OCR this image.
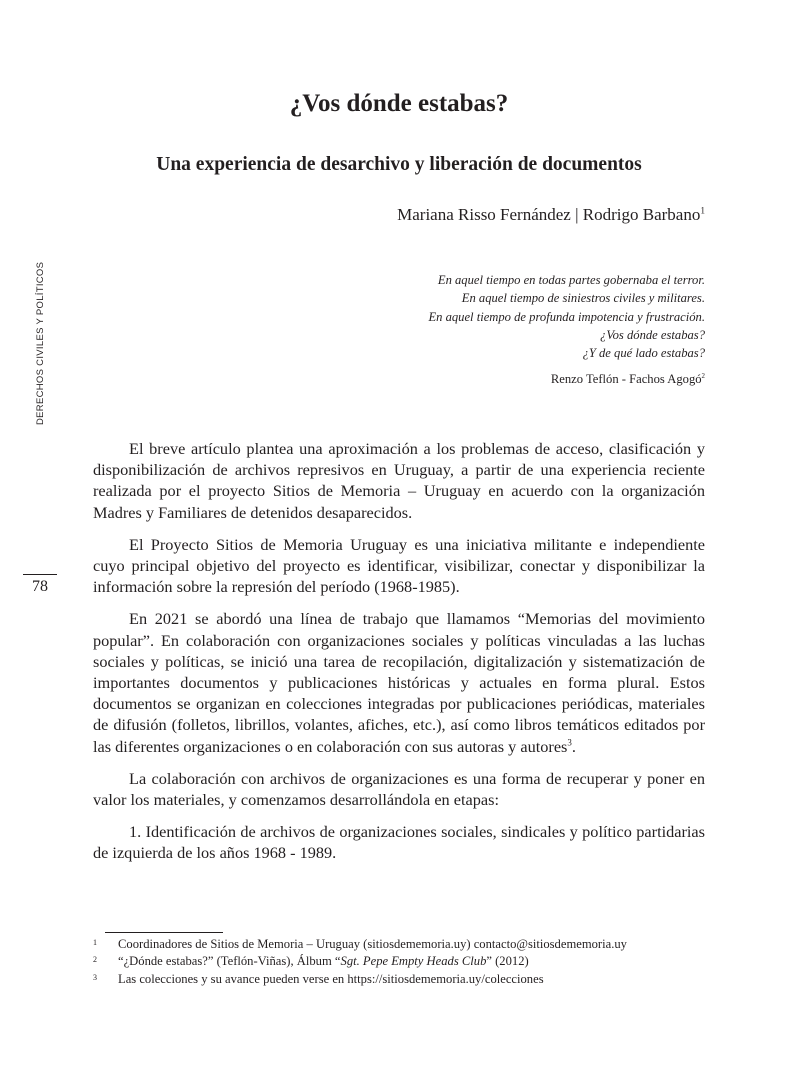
¿Vos dónde estabas?
Una experiencia de desarchivo y liberación de documentos
Mariana Risso Fernández | Rodrigo Barbano$^1$
En aquel tiempo en todas partes gobernaba el terror.
En aquel tiempo de siniestros civiles y militares.
En aquel tiempo de profunda impotencia y frustración.
¿Vos dónde estabas?
¿Y de qué lado estabas?
Renzo Teflón - Fachos Agogó$^2$
DERECHOS CIVILES Y POLÍTICOS
78

El breve artículo plantea una aproximación a los problemas de acceso, clasificación y disponibilización de archivos represivos en Uruguay, a partir de una experiencia reciente realizada por el proyecto Sitios de Memoria – Uruguay en acuerdo con la organización Madres y Familiares de detenidos desaparecidos.

El Proyecto Sitios de Memoria Uruguay es una iniciativa militante e independiente cuyo principal objetivo del proyecto es identificar, visibilizar, conectar y disponibilizar la información sobre la represión del período (1968-1985).

En 2021 se abordó una línea de trabajo que llamamos “Memorias del movimiento popular”. En colaboración con organizaciones sociales y políticas vinculadas a las luchas sociales y políticas, se inició una tarea de recopilación, digitalización y sistematización de importantes documentos y publicaciones históricas y actuales en forma plural. Estos documentos se organizan en colecciones integradas por publicaciones periódicas, materiales de difusión (folletos, librillos, volantes, afiches, etc.), así como libros temáticos editados por las diferentes organizaciones o en colaboración con sus autoras y autores$^3$.

La colaboración con archivos de organizaciones es una forma de recuperar y poner en valor los materiales, y comenzamos desarrollándola en etapas:

1. Identificación de archivos de organizaciones sociales, sindicales y político partidarias de izquierda de los años 1968 - 1989.

1	Coordinadores de Sitios de Memoria – Uruguay (sitiosdememoria.uy) contacto@sitiosdememoria.uy
2	“¿Dónde estabas?” (Teflón-Viñas), Álbum “Sgt. Pepe Empty Heads Club” (2012)
3	Las colecciones y su avance pueden verse en https://sitiosdememoria.uy/colecciones
